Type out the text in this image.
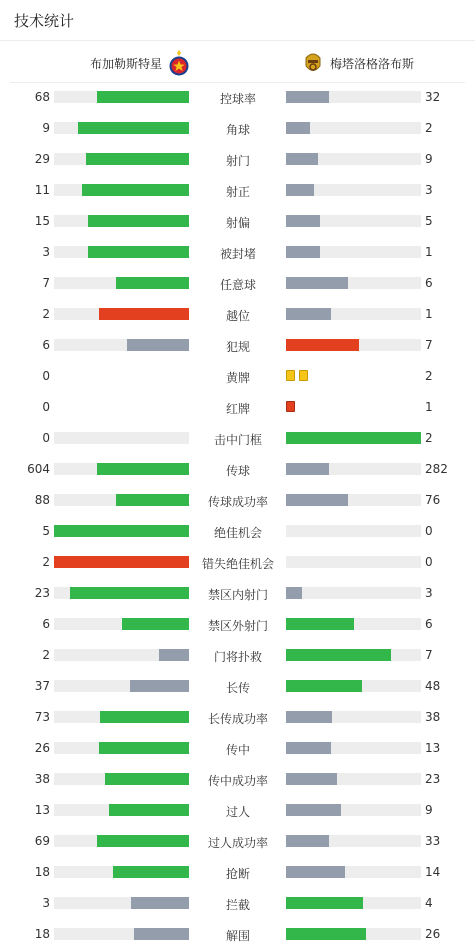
技术统计
布加勒斯特星	梅塔洛格洛布斯
68	控球率	32
9	角球	2
29	射门	9
11	射正	3
15	射偏	5
3	被封堵	1
7	任意球	6
2	越位	1
6	犯规	7
0	黄牌	2
0	红牌	1
0	击中门框	2
604	传球	282
88	传球成功率	76
5	绝佳机会	0
2	错失绝佳机会	0
23	禁区内射门	3
6	禁区外射门	6
2	门将扑救	7
37	长传	48
73	长传成功率	38
26	传中	13
38	传中成功率	23
13	过人	9
69	过人成功率	33
18	抢断	14
3	拦截	4
18	解围	26
